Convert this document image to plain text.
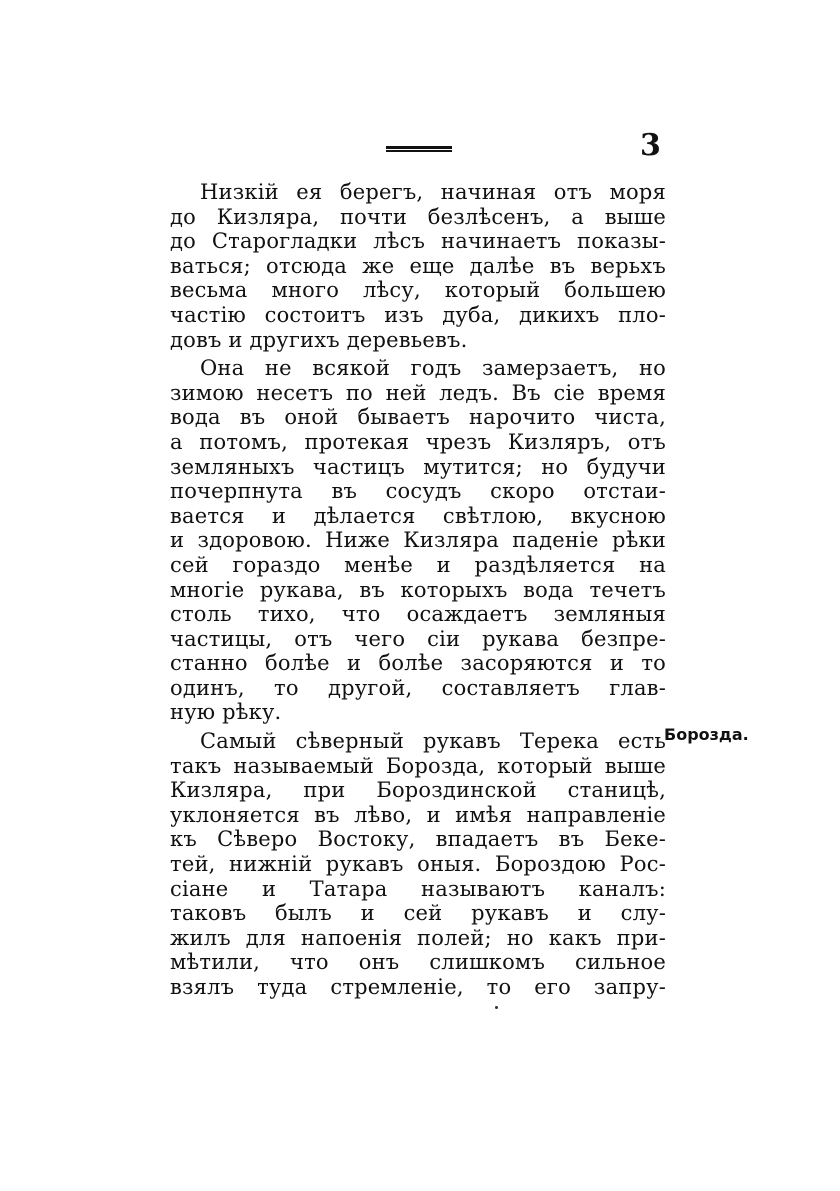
3
Низкій ея берегъ, начиная отъ моря
до Кизляра, почти безлѣсенъ, а выше
до Старогладки лѣсъ начинаетъ показы-
ваться; отсюда же еще далѣе въ верьхъ
весьма много лѣсу, который большею
частію состоитъ изъ дуба, дикихъ пло-
довъ и другихъ деревьевъ.
Она не всякой годъ замерзаетъ, но
зимою несетъ по ней ледъ. Въ сіе время
вода въ оной бываетъ нарочито чиста,
а потомъ, протекая чрезъ Кизляръ, отъ
земляныхъ частицъ мутится; но будучи
почерпнута въ сосудъ скоро отстаи-
вается и дѣлается свѣтлою, вкусною
и здоровою. Ниже Кизляра паденіе рѣки
сей гораздо менѣе и раздѣляется на
многіе рукава, въ которыхъ вода течетъ
столь тихо, что осаждаетъ земляныя
частицы, отъ чего сіи рукава безпре-
станно болѣе и болѣе засоряются и то
одинъ, то другой, составляетъ глав-
ную рѣку.
Самый сѣверный рукавъ Терека есть
такъ называемый Борозда, который выше
Кизляра, при Бороздинской станицѣ,
уклоняется въ лѣво, и имѣя направленіе
къ Сѣверо Востоку, впадаетъ въ Беке-
тей, нижній рукавъ оныя. Бороздою Рос-
сіане и Татара называютъ каналъ:
таковъ былъ и сей рукавъ и слу-
жилъ для напоенія полей; но какъ при-
мѣтили, что онъ слишкомъ сильное
взялъ туда стремленіе, то его запру-
Борозда.
